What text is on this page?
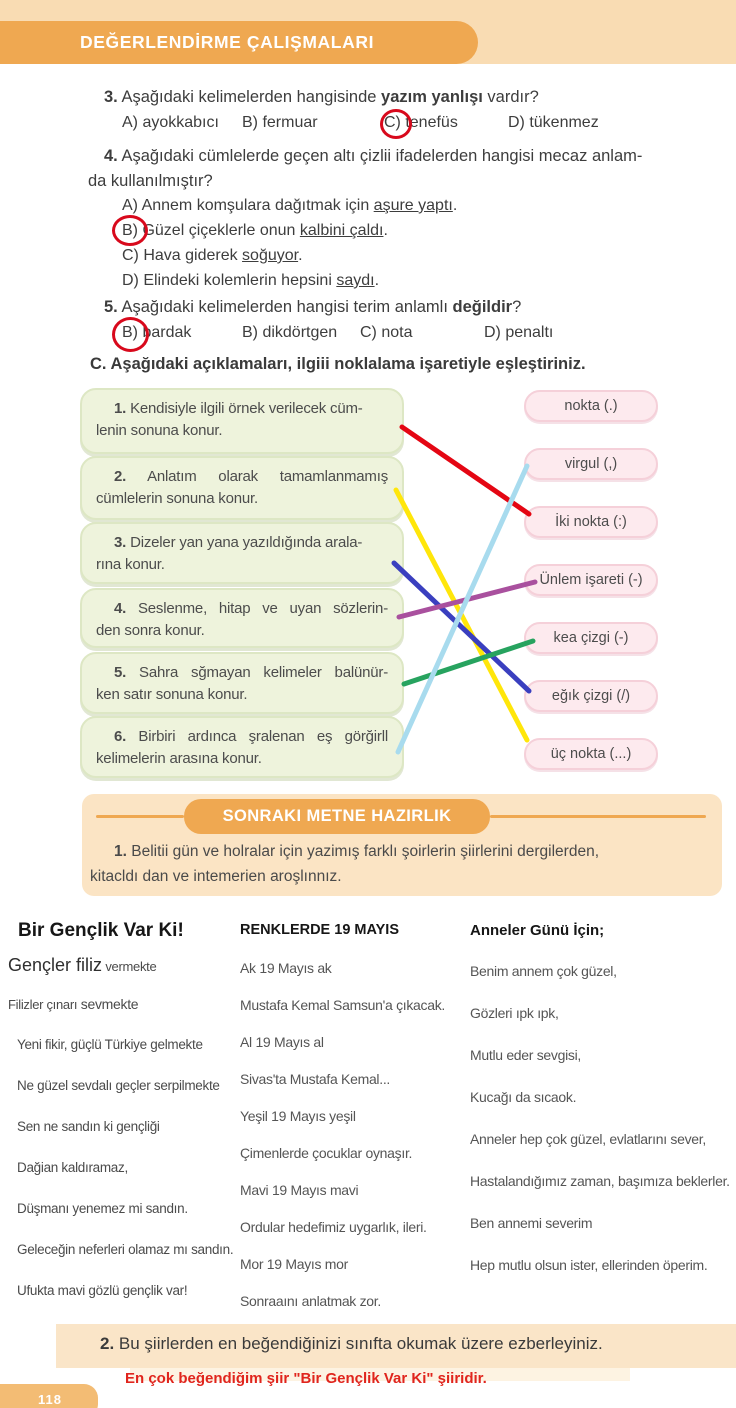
DEĞERLENDİRME ÇALIŞMALARI
3. Aşağıdaki kelimelerden hangisinde yazım yanlışı vardır?
A) ayokkabıcı B) fermuar	C) tenefüs	D) tükenmez
4. Aşağıdaki cümlelerde geçen altı çizlii ifadelerden hangisi mecaz anlam-
da kullanılmıştır?
A) Annem komşulara dağıtmak için aşure yaptı.
B) Güzel çiçeklerle onun kalbini çaldı.
C) Hava giderek soğuyor.
D) Elindeki kolemlerin hepsini saydı.
5. Aşağıdaki kelimelerden hangisi terim anlamlı değildir?
B) bardak	B) dikdörtgen C) nota	D) penaltı
C. Aşağıdaki açıklamaları, ilgiii noklalama işaretiyle eşleştiriniz.
1. Kendisiyle ilgili örnek verilecek cüm-
lenin sonuna konur.
2. Anlatım olarak tamamlanmamış
cümlelerin sonuna konur.
3. Dizeler yan yana yazıldığında arala-
rına konur.
4. Seslenme, hitap ve uyan sözlerin-
den sonra konur.
5. Sahra sğmayan kelimeler balünür-
ken satır sonuna konur.
6. Birbiri ardınca şralenan eş görğirll
kelimelerin arasına konur.
nokta (.)
virgul (,)
İki nokta (:)
Ünlem işareti (-)
kea çizgi (-)
eğık çizgi (/)
üç nokta (...)
SONRAKI METNE HAZIRLIK
1. Belitii gün ve holralar için yazimış farklı şoirlerin şiirlerini dergilerden,
kitacldı dan ve intemerien aroşlınnız.
Bir Gençlik Var Ki!
Gençler filiz vermekte
Filizler çınarı sevmekte
Yeni fikir, güçlü Türkiye gelmekte
Ne güzel sevdalı geçler serpilmekte
Sen ne sandın ki gençliği
Dağian kaldıramaz,
Düşmanı yenemez mi sandın.
Geleceğin neferleri olamaz mı sandın.
Ufukta mavi gözlü gençlik var!
RENKLERDE 19 MAYIS
Ak 19 Mayıs ak
Mustafa Kemal Samsun'a çıkacak.
Al 19 Mayıs al
Sivas'ta Mustafa Kemal...
Yeşil 19 Mayıs yeşil
Çimenlerde çocuklar oynaşır.
Mavi 19 Mayıs mavi
Ordular hedefimiz uygarlık, ileri.
Mor 19 Mayıs mor
Sonraaını anlatmak zor.
Anneler Günü İçin;
Benim annem çok güzel,
Gözleri ıpk ıpk,
Mutlu eder sevgisi,
Kucağı da sıcaok.
Anneler hep çok güzel, evlatlarını sever,
Hastalandığımız zaman, başımıza beklerler.
Ben annemi severim
Hep mutlu olsun ister, ellerinden öperim.
2. Bu şiirlerden en beğendiğinizi sınıfta okumak üzere ezberleyiniz.
En çok beğendiğim şiir "Bir Gençlik Var Ki" şiiridir.
118
